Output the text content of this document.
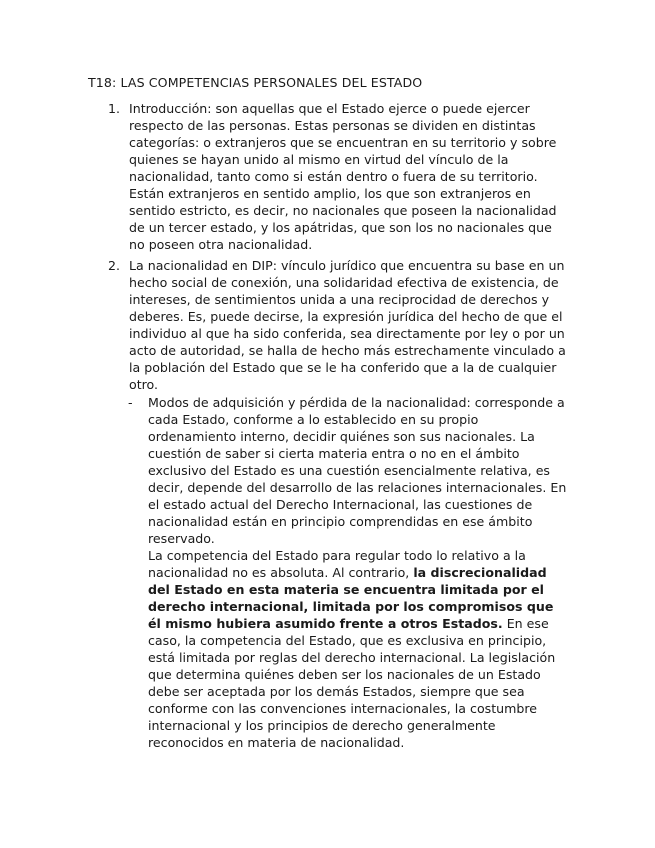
T18: LAS COMPETENCIAS PERSONALES DEL ESTADO
1. Introducción: son aquellas que el Estado ejerce o puede ejercer respecto de las personas. Estas personas se dividen en distintas categorías: o extranjeros que se encuentran en su territorio y sobre quienes se hayan unido al mismo en virtud del vínculo de la nacionalidad, tanto como si están dentro o fuera de su territorio. Están extranjeros en sentido amplio, los que son extranjeros en sentido estricto, es decir, no nacionales que poseen la nacionalidad de un tercer estado, y los apátridas, que son los no nacionales que no poseen otra nacionalidad.
2. La nacionalidad en DIP: vínculo jurídico que encuentra su base en un hecho social de conexión, una solidaridad efectiva de existencia, de intereses, de sentimientos unida a una reciprocidad de derechos y deberes. Es, puede decirse, la expresión jurídica del hecho de que el individuo al que ha sido conferida, sea directamente por ley o por un acto de autoridad, se halla de hecho más estrechamente vinculado a la población del Estado que se le ha conferido que a la de cualquier otro.
- Modos de adquisición y pérdida de la nacionalidad: corresponde a cada Estado, conforme a lo establecido en su propio ordenamiento interno, decidir quiénes son sus nacionales. La cuestión de saber si cierta materia entra o no en el ámbito exclusivo del Estado es una cuestión esencialmente relativa, es decir, depende del desarrollo de las relaciones internacionales. En el estado actual del Derecho Internacional, las cuestiones de nacionalidad están en principio comprendidas en ese ámbito reservado.
La competencia del Estado para regular todo lo relativo a la nacionalidad no es absoluta. Al contrario, la discrecionalidad del Estado en esta materia se encuentra limitada por el derecho internacional, limitada por los compromisos que él mismo hubiera asumido frente a otros Estados. En ese caso, la competencia del Estado, que es exclusiva en principio, está limitada por reglas del derecho internacional. La legislación que determina quiénes deben ser los nacionales de un Estado debe ser aceptada por los demás Estados, siempre que sea conforme con las convenciones internacionales, la costumbre internacional y los principios de derecho generalmente reconocidos en materia de nacionalidad.
